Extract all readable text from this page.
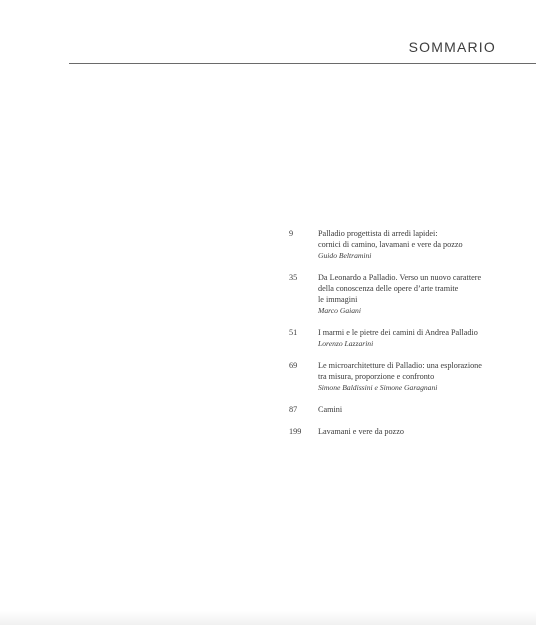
SOMMARIO
9	Palladio progettista di arredi lapidei:
cornici di camino, lavamani e vere da pozzo
Guido Beltramini
35	Da Leonardo a Palladio. Verso un nuovo carattere
della conoscenza delle opere d’arte tramite
le immagini
Marco Gaiani
51	I marmi e le pietre dei camini di Andrea Palladio
Lorenzo Lazzarini
69	Le microarchitetture di Palladio: una esplorazione
tra misura, proporzione e confronto
Simone Baldissini e Simone Garagnani
87	Camini
199	Lavamani e vere da pozzo
